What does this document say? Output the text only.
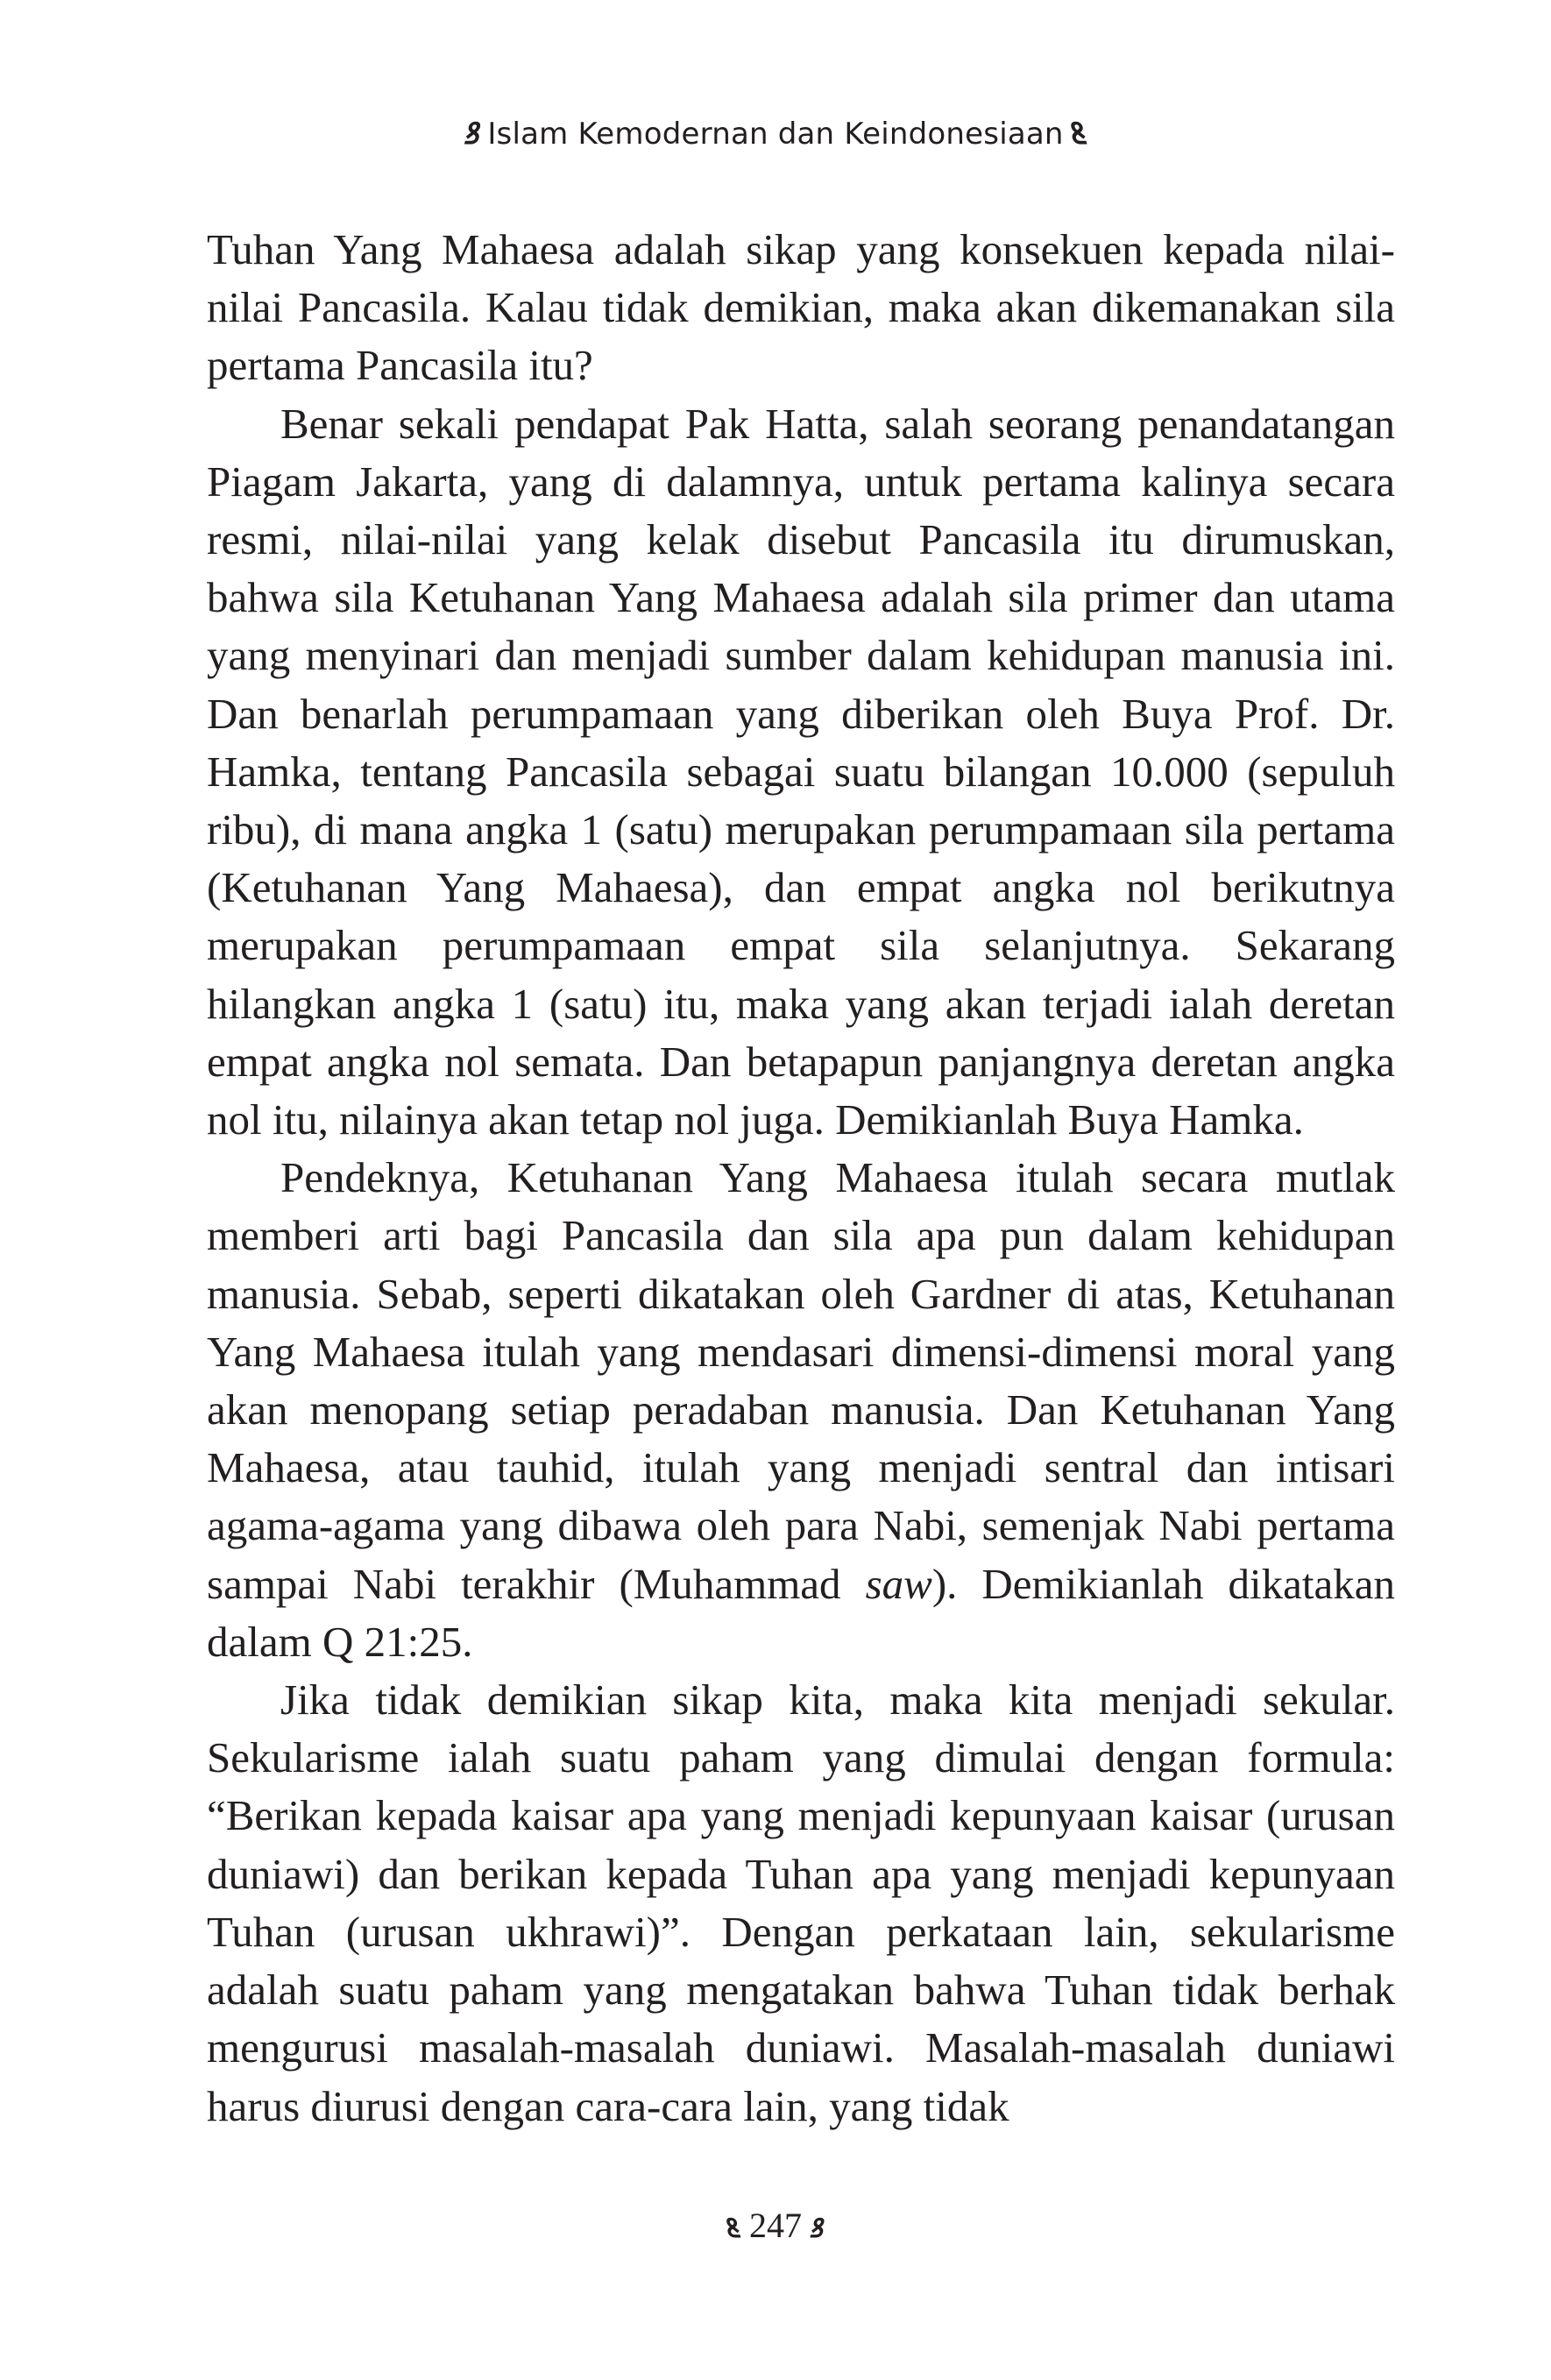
ꝸ Islam Kemodernan dan Keindonesiaan ꝸ

Tuhan Yang Mahaesa adalah sikap yang konsekuen kepada nilai-nilai Pancasila. Kalau tidak demikian, maka akan dikemanakan sila pertama Pancasila itu?

Benar sekali pendapat Pak Hatta, salah seorang penandatangan Piagam Jakarta, yang di dalamnya, untuk pertama kalinya secara resmi, nilai-nilai yang kelak disebut Pancasila itu dirumuskan, bahwa sila Ketuhanan Yang Mahaesa adalah sila primer dan utama yang menyinari dan menjadi sumber dalam kehidupan manusia ini. Dan benarlah perumpamaan yang diberikan oleh Buya Prof. Dr. Hamka, tentang Pancasila sebagai suatu bilangan 10.000 (sepuluh ribu), di mana angka 1 (satu) merupakan perumpamaan sila pertama (Ketuhanan Yang Mahaesa), dan empat angka nol berikutnya merupakan perumpamaan empat sila selanjutnya. Sekarang hilangkan angka 1 (satu) itu, maka yang akan terjadi ialah deretan empat angka nol semata. Dan betapapun panjangnya deretan angka nol itu, nilainya akan tetap nol juga. Demikianlah Buya Hamka.

Pendeknya, Ketuhanan Yang Mahaesa itulah secara mutlak memberi arti bagi Pancasila dan sila apa pun dalam kehidupan manusia. Sebab, seperti dikatakan oleh Gardner di atas, Ketuhanan Yang Mahaesa itulah yang mendasari dimensi-dimensi moral yang akan menopang setiap peradaban manusia. Dan Ketuhanan Yang Mahaesa, atau tauhid, itulah yang menjadi sentral dan intisari agama-agama yang dibawa oleh para Nabi, semenjak Nabi pertama sampai Nabi terakhir (Muhammad saw). Demikianlah dikatakan dalam Q 21:25.

Jika tidak demikian sikap kita, maka kita menjadi sekular. Sekularisme ialah suatu paham yang dimulai dengan formula: “Berikan kepada kaisar apa yang menjadi kepunyaan kaisar (urusan duniawi) dan berikan kepada Tuhan apa yang menjadi kepunyaan Tuhan (urusan ukhrawi)”. Dengan perkataan lain, sekularisme adalah suatu paham yang mengatakan bahwa Tuhan tidak berhak mengurusi masalah-masalah duniawi. Masalah-masalah duniawi harus diurusi dengan cara-cara lain, yang tidak

ꝸ 247 ꝸ
